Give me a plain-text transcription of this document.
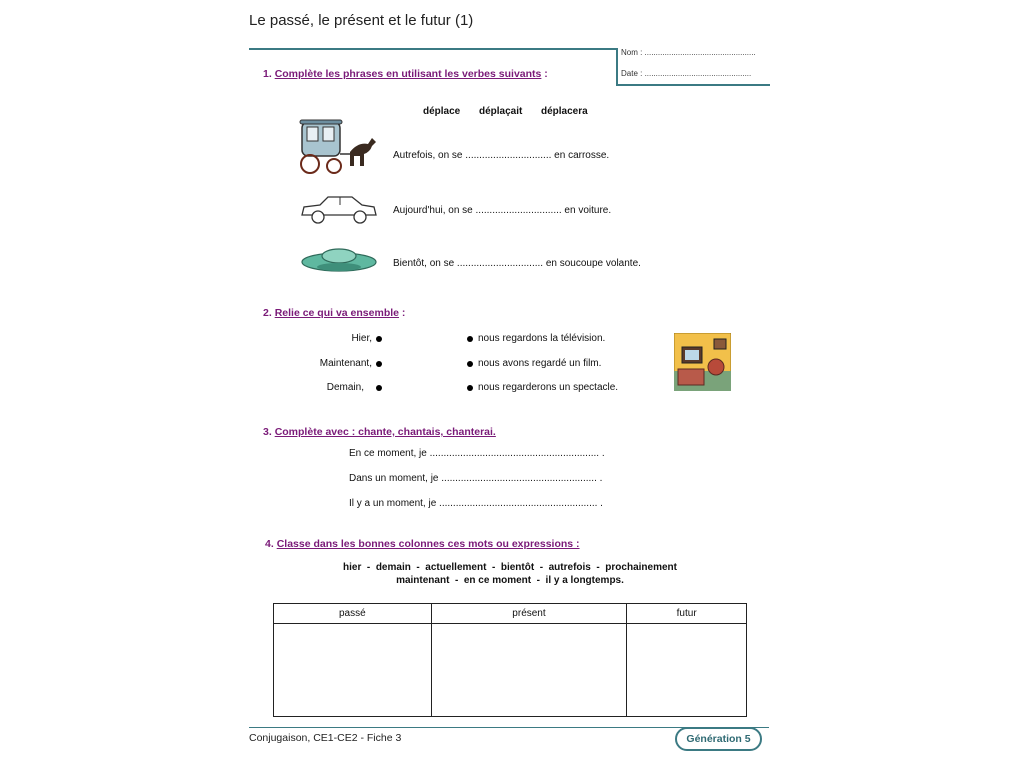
Le passé, le présent et le futur (1)
Nom : ..................................................
Date : ................................................
1. Complète les phrases en utilisant les verbes suivants :
déplace déplaçait déplacera
Autrefois, on se ............................... en carrosse.
Aujourd'hui, on se ............................... en voiture.
Bientôt, on se ............................... en soucoupe volante.
2. Relie ce qui va ensemble :
Hier,
Maintenant,
Demain,
nous regardons la télévision.
nous avons regardé un film.
nous regarderons un spectacle.
3. Complète avec : chante, chantais, chanterai.
En ce moment, je ............................................................. .
Dans un moment, je ........................................................ .
Il y a un moment, je ......................................................... .
4. Classe dans les bonnes colonnes ces mots ou expressions :
hier  -  demain  -  actuellement  -  bientôt  -  autrefois  -  prochainement
maintenant  -  en ce moment  -  il y a longtemps.
passé	présent	futur

Conjugaison, CE1-CE2 - Fiche 3	Génération 5
